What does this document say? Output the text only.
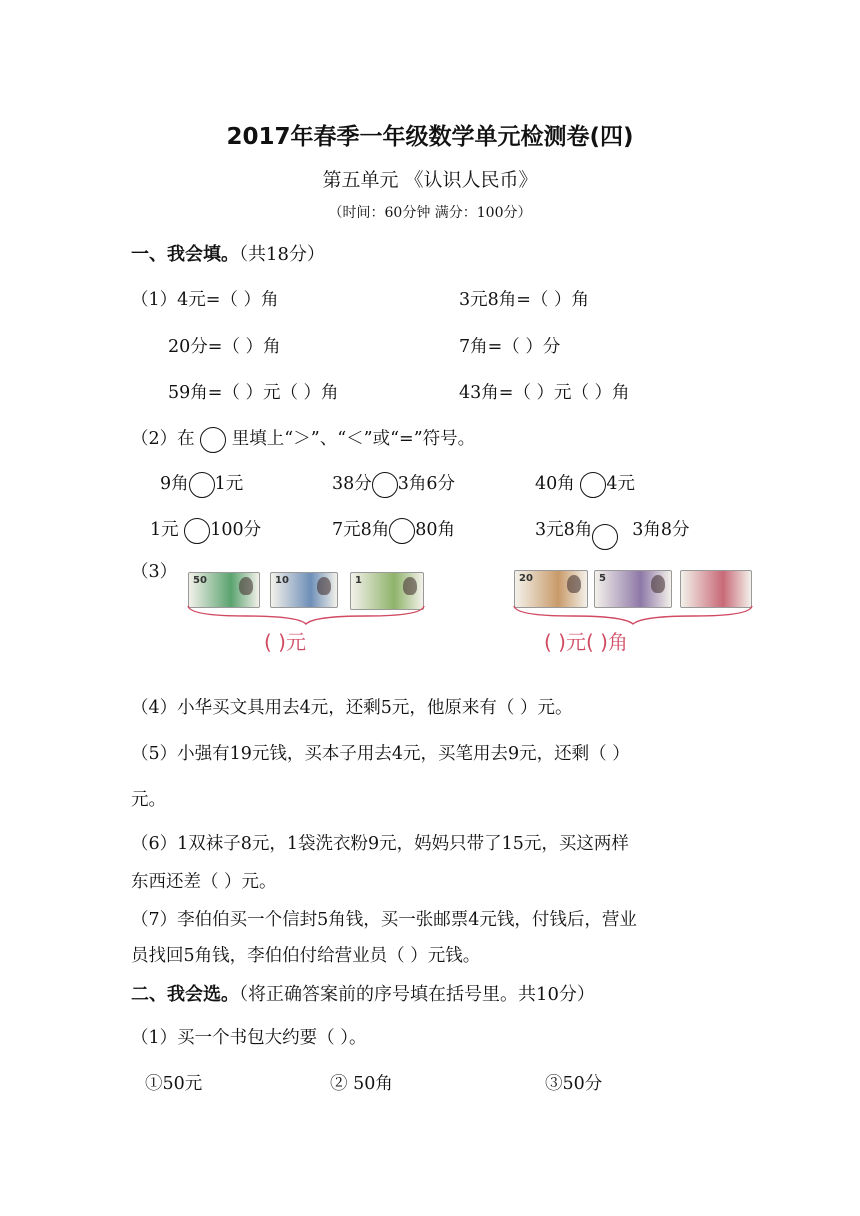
2017年春季一年级数学单元检测卷(四)
第五单元 《认识人民币》
（时间：60分钟 满分：100分）
一、我会填。（共18分）
（1）4元=（ ）角	3元8角=（ ）角
20分=（ ）角	7角=（ ）分
59角=（ ）元（ ）角	43角=（ ）元（ ）角
（2）在 里填上“＞”、“＜”或“=”符号。
9角 1元	38分 3角6分	40角 4元
1元 100分	7元8角 80角	3元8角 3角8分
（3） 50	10	1
( )元
20	5
( )元( )角
（4）小华买文具用去4元，还剩5元，他原来有（ ）元。
（5）小强有19元钱，买本子用去4元，买笔用去9元，还剩（ ）
元。
（6）1双袜子8元，1袋洗衣粉9元，妈妈只带了15元，买这两样
东西还差（ ）元。
（7）李伯伯买一个信封5角钱，买一张邮票4元钱，付钱后，营业
员找回5角钱，李伯伯付给营业员（ ）元钱。
二、我会选。（将正确答案前的序号填在括号里。共10分）
（1）买一个书包大约要（ ）。
①50元	② 50角	③50分
